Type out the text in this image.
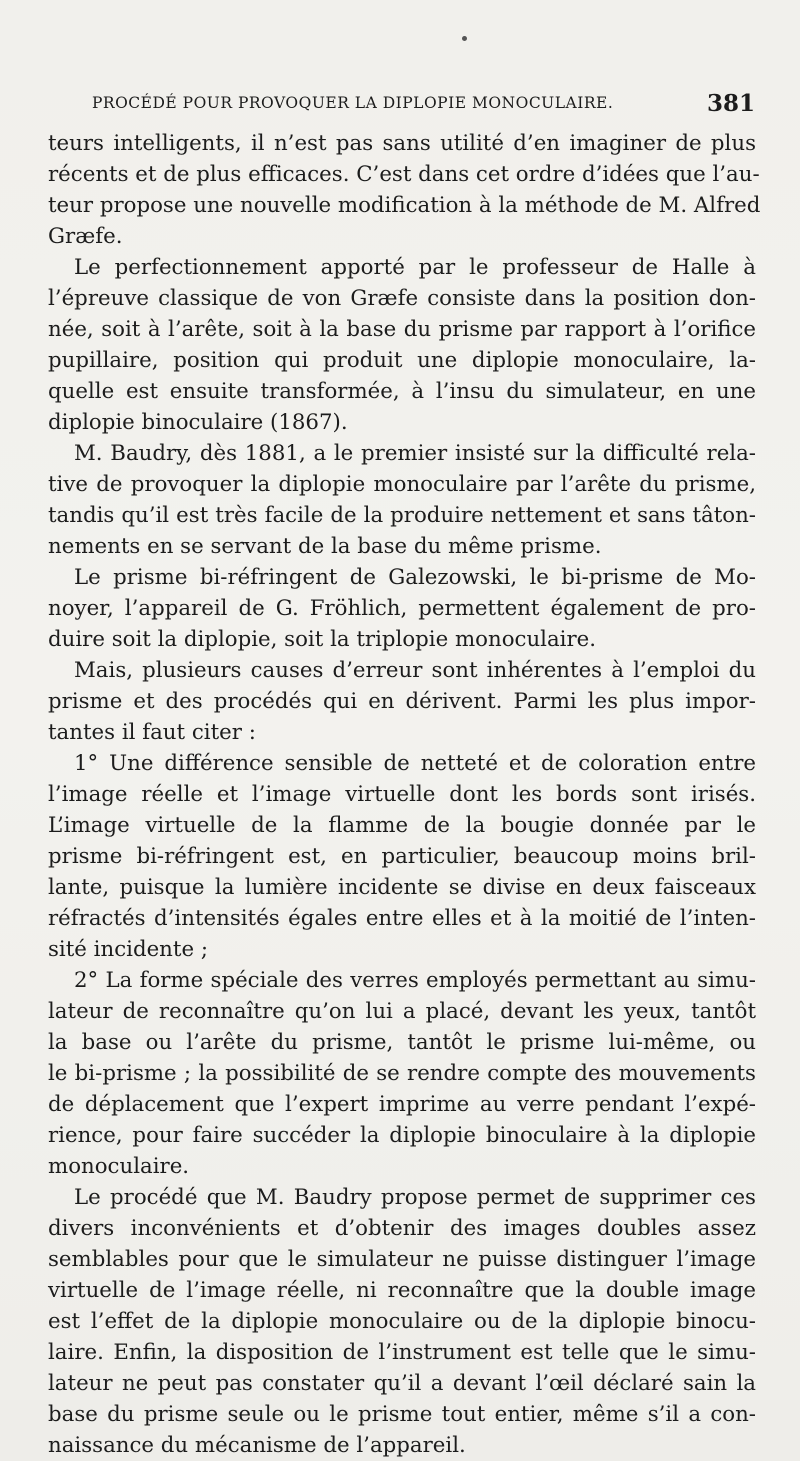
PROCÉDÉ POUR PROVOQUER LA DIPLOPIE MONOCULAIRE.	381
teurs intelligents, il n’est pas sans utilité d’en imaginer de plus
récents et de plus efficaces. C’est dans cet ordre d’idées que l’au-
teur propose une nouvelle modification à la méthode de M. Alfred
Græfe.
Le perfectionnement apporté par le professeur de Halle à
l’épreuve classique de von Græfe consiste dans la position don-
née, soit à l’arête, soit à la base du prisme par rapport à l’orifice
pupillaire, position qui produit une diplopie monoculaire, la-
quelle est ensuite transformée, à l’insu du simulateur, en une
diplopie binoculaire (1867).
M. Baudry, dès 1881, a le premier insisté sur la difficulté rela-
tive de provoquer la diplopie monoculaire par l’arête du prisme,
tandis qu’il est très facile de la produire nettement et sans tâton-
nements en se servant de la base du même prisme.
Le prisme bi-réfringent de Galezowski, le bi-prisme de Mo-
noyer, l’appareil de G. Fröhlich, permettent également de pro-
duire soit la diplopie, soit la triplopie monoculaire.
Mais, plusieurs causes d’erreur sont inhérentes à l’emploi du
prisme et des procédés qui en dérivent. Parmi les plus impor-
tantes il faut citer :
1° Une différence sensible de netteté et de coloration entre
l’image réelle et l’image virtuelle dont les bords sont irisés.
L’image virtuelle de la flamme de la bougie donnée par le
prisme bi-réfringent est, en particulier, beaucoup moins bril-
lante, puisque la lumière incidente se divise en deux faisceaux
réfractés d’intensités égales entre elles et à la moitié de l’inten-
sité incidente ;
2° La forme spéciale des verres employés permettant au simu-
lateur de reconnaître qu’on lui a placé, devant les yeux, tantôt
la base ou l’arête du prisme, tantôt le prisme lui-même, ou
le bi-prisme ; la possibilité de se rendre compte des mouvements
de déplacement que l’expert imprime au verre pendant l’expé-
rience, pour faire succéder la diplopie binoculaire à la diplopie
monoculaire.
Le procédé que M. Baudry propose permet de supprimer ces
divers inconvénients et d’obtenir des images doubles assez
semblables pour que le simulateur ne puisse distinguer l’image
virtuelle de l’image réelle, ni reconnaître que la double image
est l’effet de la diplopie monoculaire ou de la diplopie binocu-
laire. Enfin, la disposition de l’instrument est telle que le simu-
lateur ne peut pas constater qu’il a devant l’œil déclaré sain la
base du prisme seule ou le prisme tout entier, même s’il a con-
naissance du mécanisme de l’appareil.
